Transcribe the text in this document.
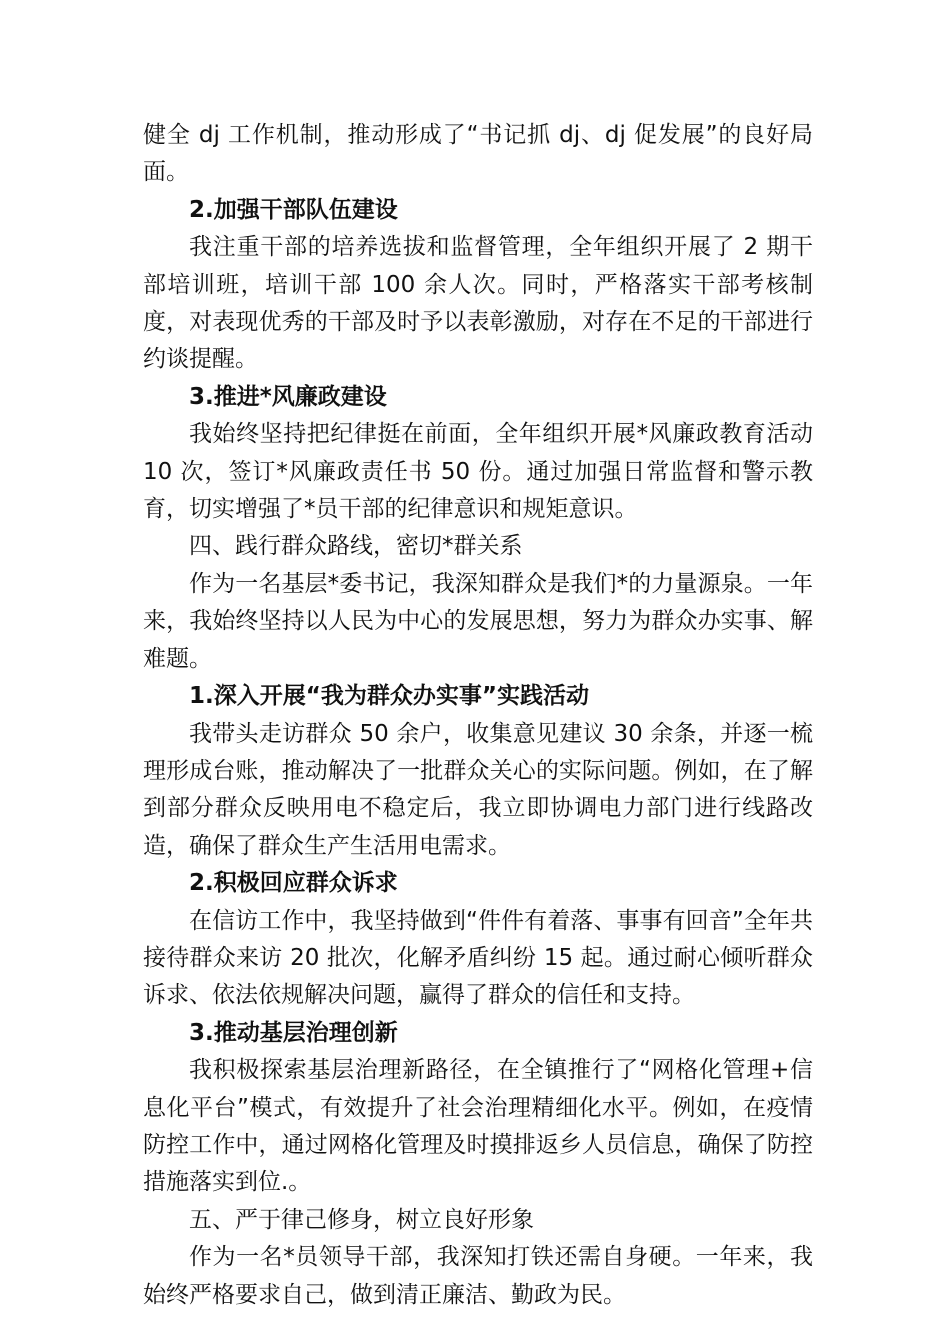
健全 dj 工作机制，推动形成了“书记抓 dj、dj 促发展”的良好局面。

2.加强干部队伍建设

我注重干部的培养选拔和监督管理，全年组织开展了 2 期干部培训班，培训干部 100 余人次。同时，严格落实干部考核制度，对表现优秀的干部及时予以表彰激励，对存在不足的干部进行约谈提醒。

3.推进*风廉政建设

我始终坚持把纪律挺在前面，全年组织开展*风廉政教育活动 10 次，签订*风廉政责任书 50 份。通过加强日常监督和警示教育，切实增强了*员干部的纪律意识和规矩意识。

四、践行群众路线，密切*群关系

作为一名基层*委书记，我深知群众是我们*的力量源泉。一年来，我始终坚持以人民为中心的发展思想，努力为群众办实事、解难题。

1.深入开展“我为群众办实事”实践活动

我带头走访群众 50 余户，收集意见建议 30 余条，并逐一梳理形成台账，推动解决了一批群众关心的实际问题。例如，在了解到部分群众反映用电不稳定后，我立即协调电力部门进行线路改造，确保了群众生产生活用电需求。

2.积极回应群众诉求

在信访工作中，我坚持做到“件件有着落、事事有回音”全年共接待群众来访 20 批次，化解矛盾纠纷 15 起。通过耐心倾听群众诉求、依法依规解决问题，赢得了群众的信任和支持。

3.推动基层治理创新

我积极探索基层治理新路径，在全镇推行了“网格化管理+信息化平台”模式，有效提升了社会治理精细化水平。例如，在疫情防控工作中，通过网格化管理及时摸排返乡人员信息，确保了防控措施落实到位.。

五、严于律己修身，树立良好形象

作为一名*员领导干部，我深知打铁还需自身硬。一年来，我始终严格要求自己，做到清正廉洁、勤政为民。
